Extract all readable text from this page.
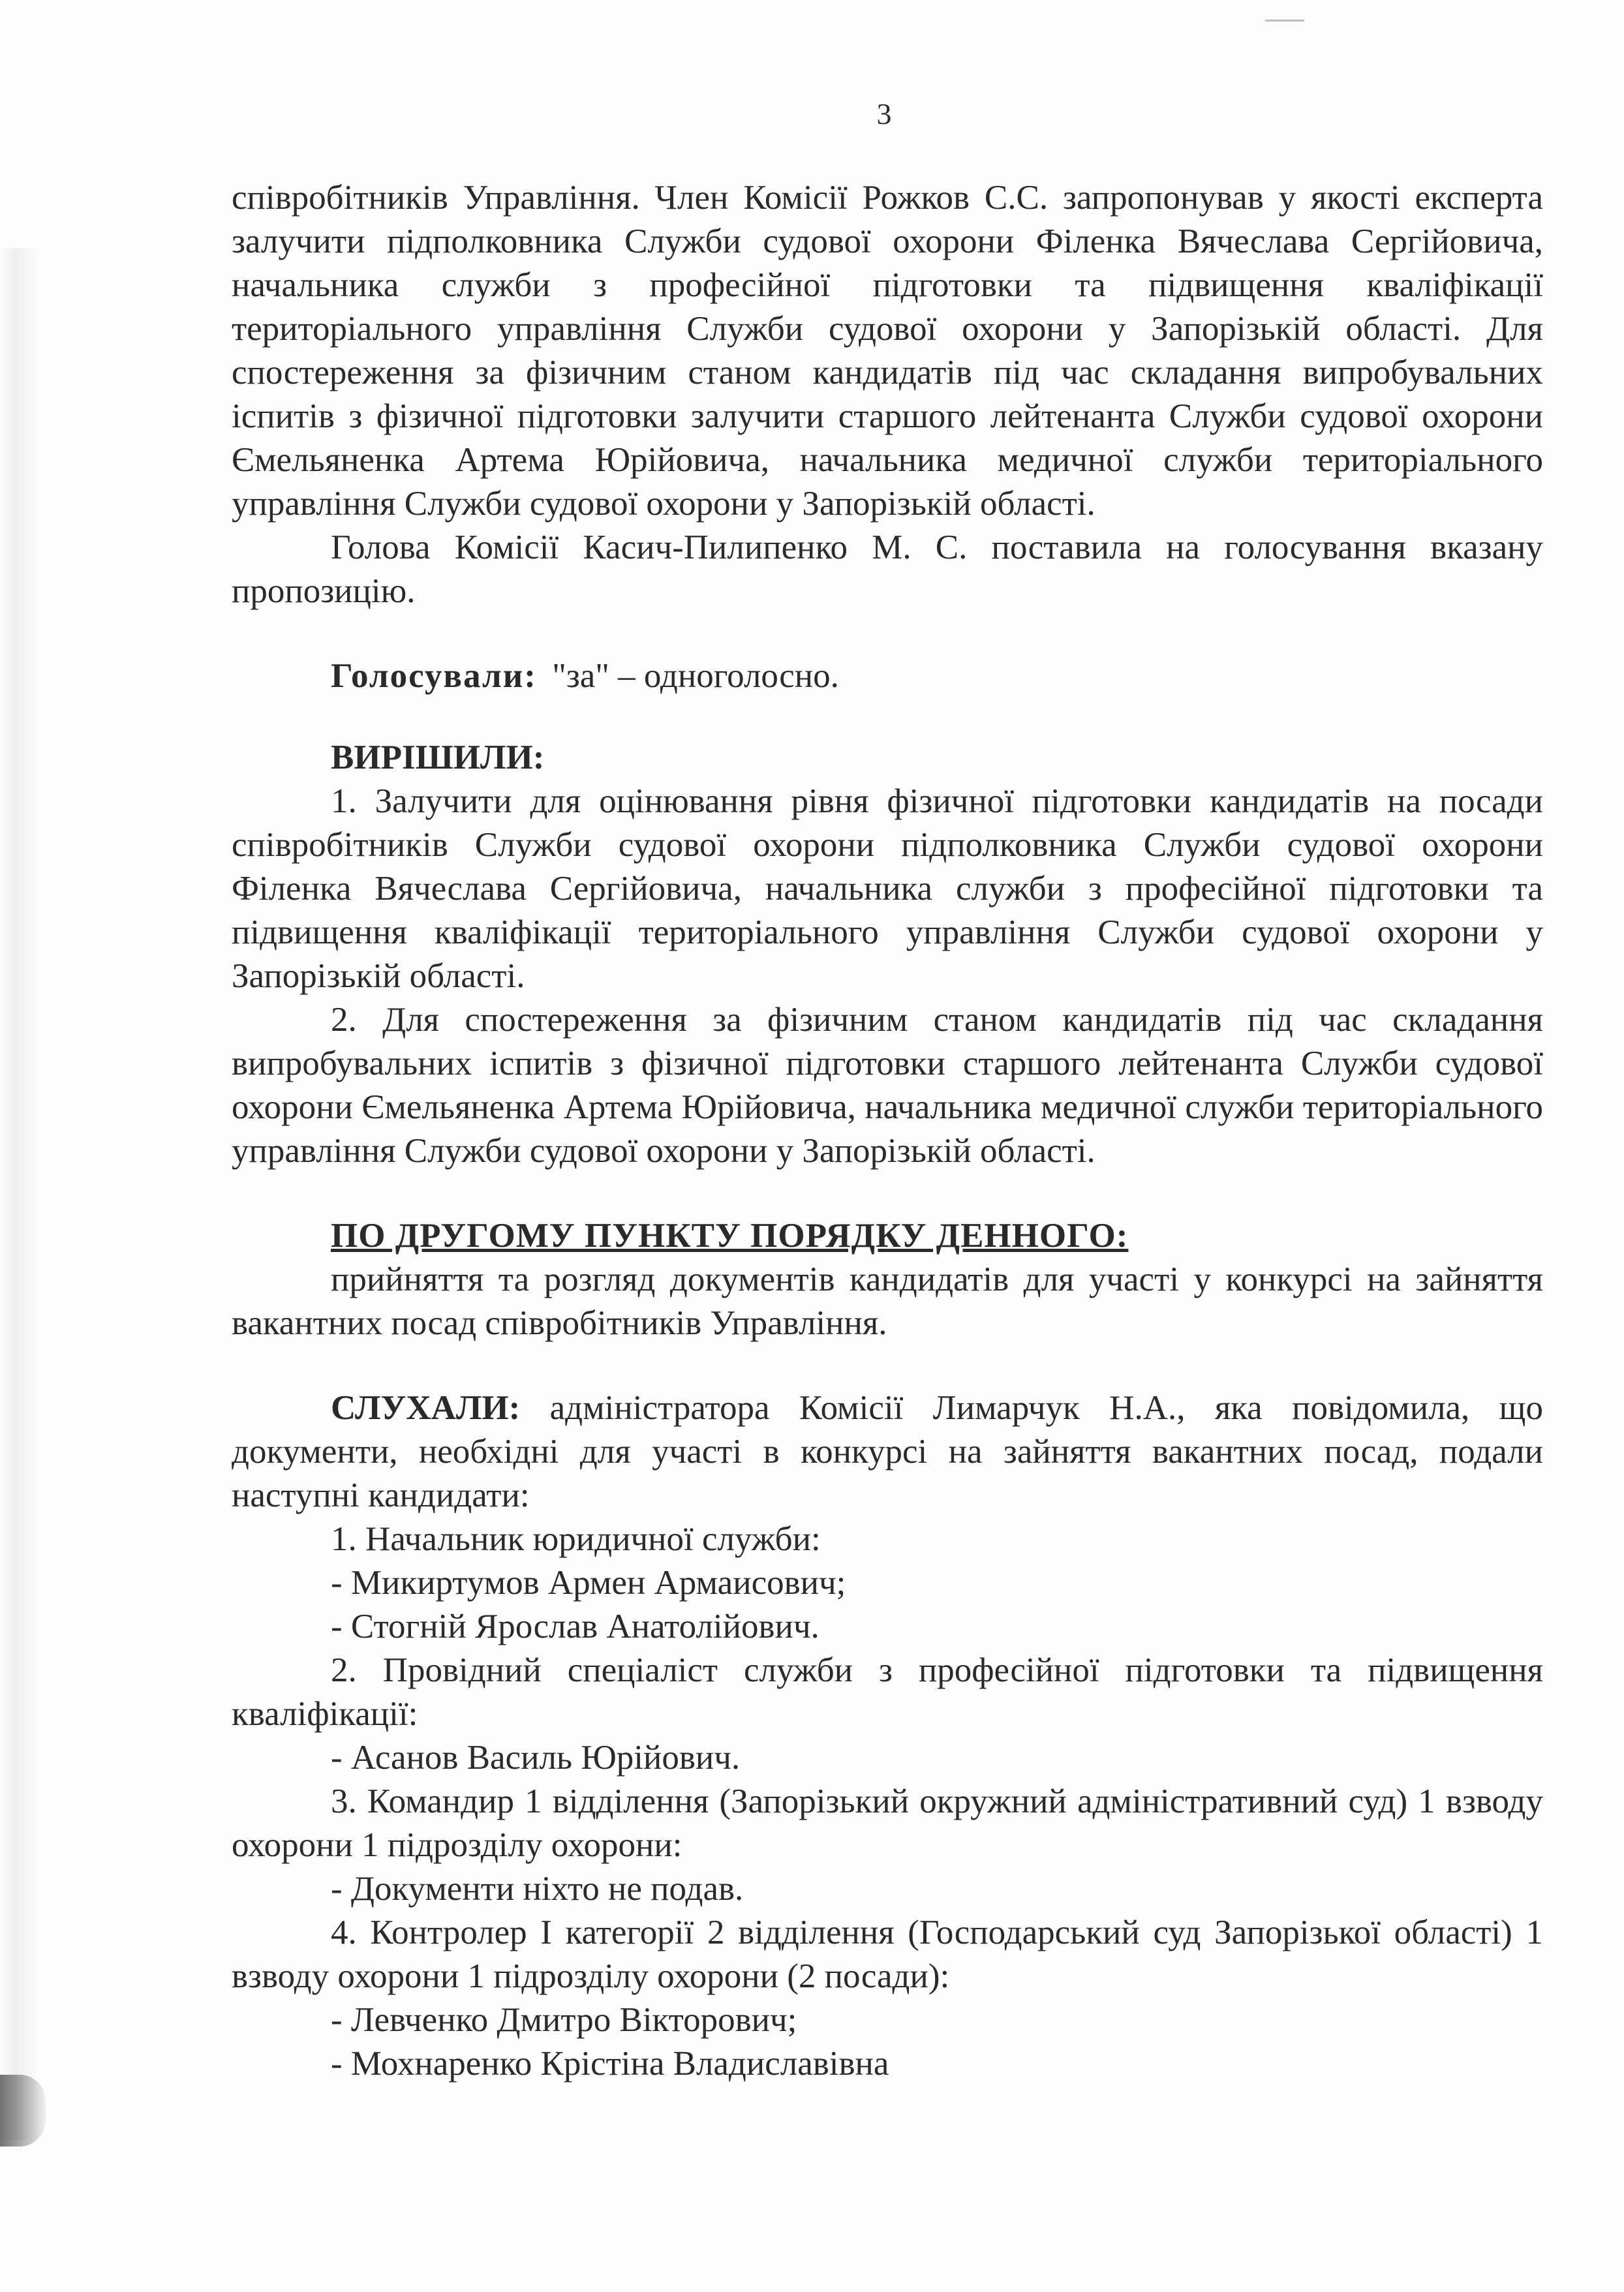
3

співробітників Управління. Член Комісії Рожков С.С. запропонував у якості експерта залучити підполковника Служби судової охорони Філенка Вячеслава Сергійовича, начальника служби з професійної підготовки та підвищення кваліфікації територіального управління Служби судової охорони у Запорізькій області. Для спостереження за фізичним станом кандидатів під час складання випробувальних іспитів з фізичної підготовки залучити старшого лейтенанта Служби судової охорони Ємельяненка Артема Юрійовича, начальника медичної служби територіального управління Служби судової охорони у Запорізькій області.

Голова Комісії Касич-Пилипенко М. С. поставила на голосування вказану пропозицію.

Голосували: "за" – одноголосно.

ВИРІШИЛИ:

1. Залучити для оцінювання рівня фізичної підготовки кандидатів на посади співробітників Служби судової охорони підполковника Служби судової охорони Філенка Вячеслава Сергійовича, начальника служби з професійної підготовки та підвищення кваліфікації територіального управління Служби судової охорони у Запорізькій області.

2. Для спостереження за фізичним станом кандидатів під час складання випробувальних іспитів з фізичної підготовки старшого лейтенанта Служби судової охорони Ємельяненка Артема Юрійовича, начальника медичної служби територіального управління Служби судової охорони у Запорізькій області.

ПО ДРУГОМУ ПУНКТУ ПОРЯДКУ ДЕННОГО:

прийняття та розгляд документів кандидатів для участі у конкурсі на зайняття вакантних посад співробітників Управління.

СЛУХАЛИ: адміністратора Комісії Лимарчук Н.А., яка повідомила, що документи, необхідні для участі в конкурсі на зайняття вакантних посад, подали наступні кандидати:

1. Начальник юридичної служби:

- Микиртумов Армен Армаисович;

- Стогній Ярослав Анатолійович.

2. Провідний спеціаліст служби з професійної підготовки та підвищення кваліфікації:

- Асанов Василь Юрійович.

3. Командир 1 відділення (Запорізький окружний адміністративний суд) 1 взводу охорони 1 підрозділу охорони:

- Документи ніхто не подав.

4. Контролер І категорії 2 відділення (Господарський суд Запорізької області) 1 взводу охорони 1 підрозділу охорони (2 посади):

- Левченко Дмитро Вікторович;

- Мохнаренко Крістіна Владиславівна
